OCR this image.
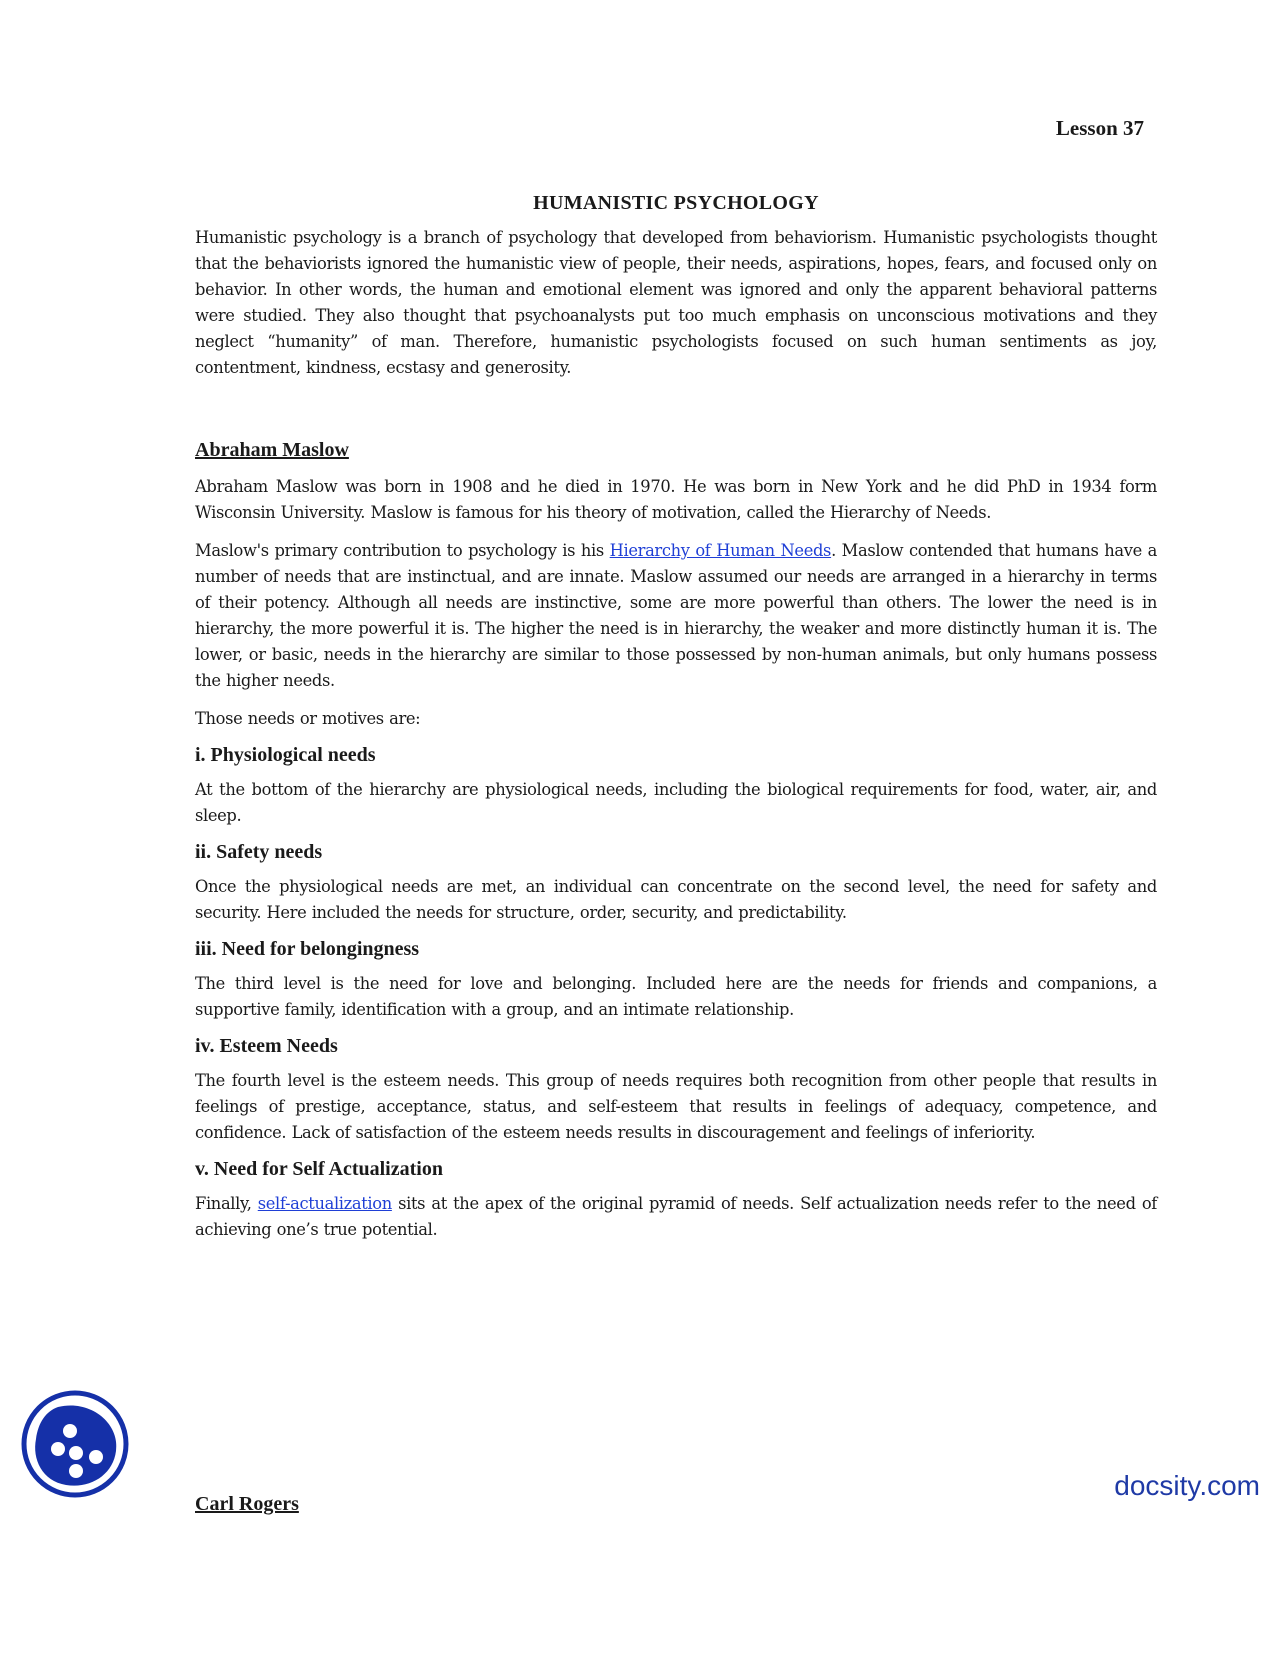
Lesson 37
HUMANISTIC PSYCHOLOGY

Humanistic psychology is a branch of psychology that developed from behaviorism. Humanistic psychologists thought that the behaviorists ignored the humanistic view of people, their needs, aspirations, hopes, fears, and focused only on behavior. In other words, the human and emotional element was ignored and only the apparent behavioral patterns were studied. They also thought that psychoanalysts put too much emphasis on unconscious motivations and they neglect “humanity” of man. Therefore, humanistic psychologists focused on such human sentiments as joy, contentment, kindness, ecstasy and generosity.

Abraham Maslow

Abraham Maslow was born in 1908 and he died in 1970. He was born in New York and he did PhD in 1934 form Wisconsin University. Maslow is famous for his theory of motivation, called the Hierarchy of Needs.

Maslow's primary contribution to psychology is his Hierarchy of Human Needs. Maslow contended that humans have a number of needs that are instinctual, and are innate. Maslow assumed our needs are arranged in a hierarchy in terms of their potency. Although all needs are instinctive, some are more powerful than others. The lower the need is in hierarchy, the more powerful it is. The higher the need is in hierarchy, the weaker and more distinctly human it is. The lower, or basic, needs in the hierarchy are similar to those possessed by non-human animals, but only humans possess the higher needs.

Those needs or motives are:

i. Physiological needs

At the bottom of the hierarchy are physiological needs, including the biological requirements for food, water, air, and sleep.

ii. Safety needs

Once the physiological needs are met, an individual can concentrate on the second level, the need for safety and security. Here included the needs for structure, order, security, and predictability.

iii. Need for belongingness

The third level is the need for love and belonging. Included here are the needs for friends and companions, a supportive family, identification with a group, and an intimate relationship.

iv. Esteem Needs

The fourth level is the esteem needs. This group of needs requires both recognition from other people that results in feelings of prestige, acceptance, status, and self-esteem that results in feelings of adequacy, competence, and confidence. Lack of satisfaction of the esteem needs results in discouragement and feelings of inferiority.

v. Need for Self Actualization

Finally, self-actualization sits at the apex of the original pyramid of needs. Self actualization needs refer to the need of achieving one’s true potential.

docsity.com
Carl Rogers
